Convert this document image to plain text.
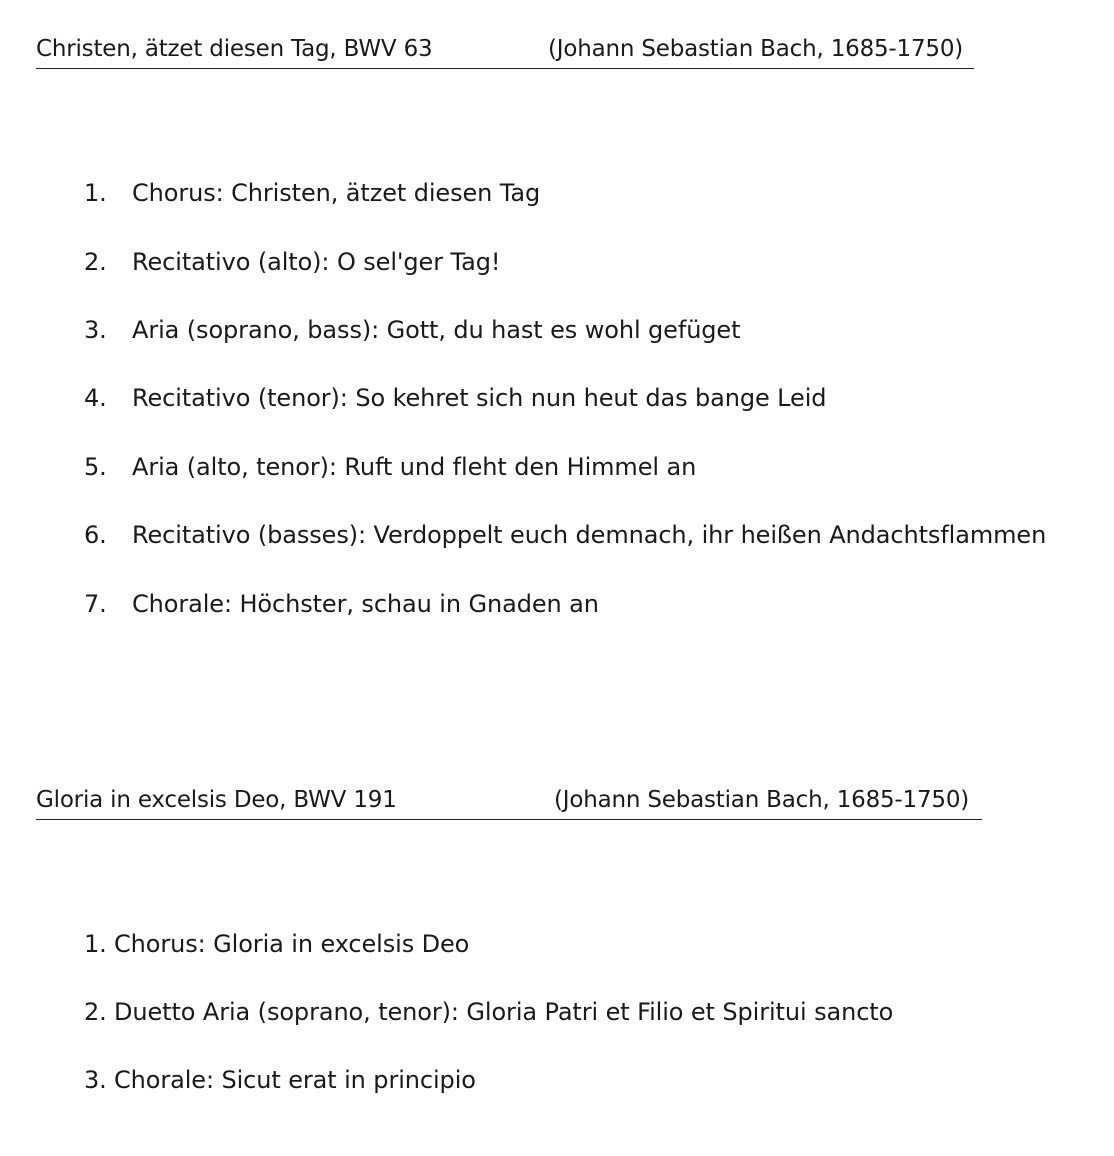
Christen, ätzet diesen Tag, BWV 63	(Johann Sebastian Bach, 1685-1750)
1. Chorus: Christen, ätzet diesen Tag
2. Recitativo (alto): O sel'ger Tag!
3. Aria (soprano, bass): Gott, du hast es wohl gefüget
4. Recitativo (tenor): So kehret sich nun heut das bange Leid
5. Aria (alto, tenor): Ruft und fleht den Himmel an
6. Recitativo (basses): Verdoppelt euch demnach, ihr heißen Andachtsflammen
7. Chorale: Höchster, schau in Gnaden an
Gloria in excelsis Deo, BWV 191	(Johann Sebastian Bach, 1685-1750)
1. Chorus: Gloria in excelsis Deo
2. Duetto Aria (soprano, tenor): Gloria Patri et Filio et Spiritui sancto
3. Chorale: Sicut erat in principio
